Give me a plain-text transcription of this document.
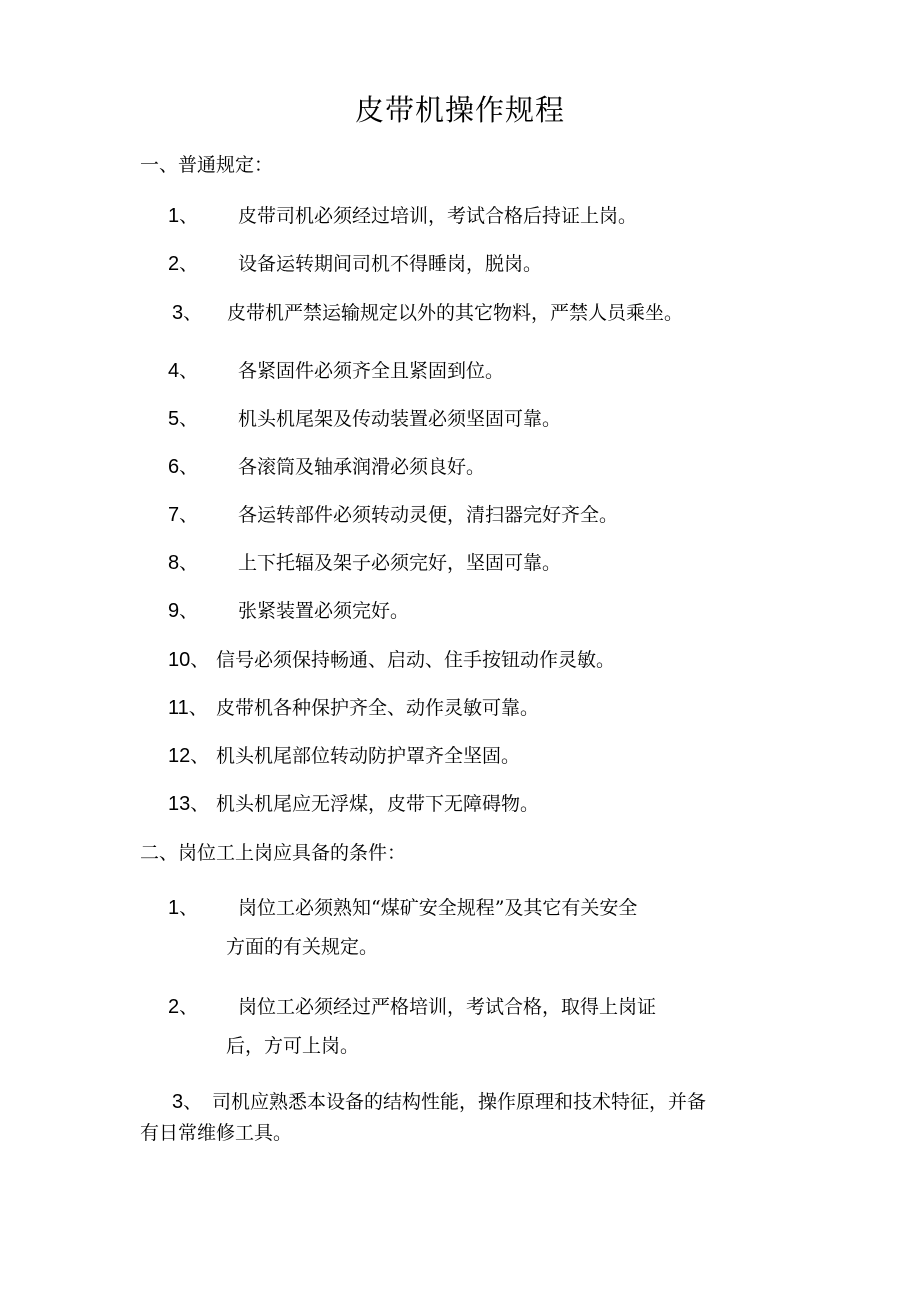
皮带机操作规程
一、普通规定：
1、 皮带司机必须经过培训，考试合格后持证上岗。
2、 设备运转期间司机不得睡岗，脱岗。
3、 皮带机严禁运输规定以外的其它物料，严禁人员乘坐。
4、 各紧固件必须齐全且紧固到位。
5、 机头机尾架及传动装置必须坚固可靠。
6、 各滚筒及轴承润滑必须良好。
7、 各运转部件必须转动灵便，清扫器完好齐全。
8、 上下托辐及架子必须完好，坚固可靠。
9、 张紧装置必须完好。
10、 信号必须保持畅通、启动、住手按钮动作灵敏。
11、 皮带机各种保护齐全、动作灵敏可靠。
12、 机头机尾部位转动防护罩齐全坚固。
13、 机头机尾应无浮煤，皮带下无障碍物。
二、岗位工上岗应具备的条件：
1、 岗位工必须熟知“煤矿安全规程”及其它有关安全
方面的有关规定。
2、 岗位工必须经过严格培训，考试合格，取得上岗证
后，方可上岗。
3、 司机应熟悉本设备的结构性能，操作原理和技术特征，并备
有日常维修工具。
